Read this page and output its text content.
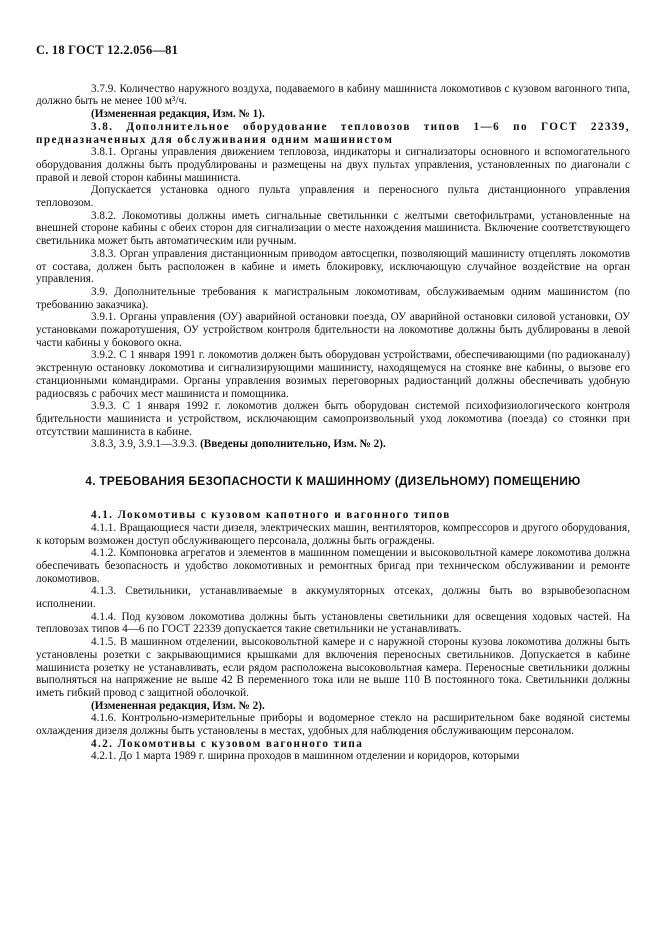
С. 18 ГОСТ 12.2.056—81

3.7.9. Количество наружного воздуха, подаваемого в кабину машиниста локомотивов с кузовом вагонного типа, должно быть не менее 100 м³/ч.

(Измененная редакция, Изм. № 1).

3.8. Дополнительное оборудование тепловозов типов 1—6 по ГОСТ 22339, предназначенных для обслуживания одним машинистом

3.8.1. Органы управления движением тепловоза, индикаторы и сигнализаторы основного и вспомогательного оборудования должны быть продублированы и размещены на двух пультах управления, установленных по диагонали с правой и левой сторон кабины машиниста.

Допускается установка одного пульта управления и переносного пульта дистанционного управления тепловозом.

3.8.2. Локомотивы должны иметь сигнальные светильники с желтыми светофильтрами, установленные на внешней стороне кабины с обеих сторон для сигнализации о месте нахождения машиниста. Включение соответствующего светильника может быть автоматическим или ручным.

3.8.3. Орган управления дистанционным приводом автосцепки, позволяющий машинисту отцеплять локомотив от состава, должен быть расположен в кабине и иметь блокировку, исключающую случайное воздействие на орган управления.

3.9. Дополнительные требования к магистральным локомотивам, обслуживаемым одним машинистом (по требованию заказчика).

3.9.1. Органы управления (ОУ) аварийной остановки поезда, ОУ аварийной остановки силовой установки, ОУ установками пожаротушения, ОУ устройством контроля бдительности на локомотиве должны быть дублированы в левой части кабины у бокового окна.

3.9.2. С 1 января 1991 г. локомотив должен быть оборудован устройствами, обеспечивающими (по радиоканалу) экстренную остановку локомотива и сигнализирующими машинисту, находящемуся на стоянке вне кабины, о вызове его станционными командирами. Органы управления возимых переговорных радиостанций должны обеспечивать удобную радиосвязь с рабочих мест машиниста и помощника.

3.9.3. С 1 января 1992 г. локомотив должен быть оборудован системой психофизиологического контроля бдительности машиниста и устройством, исключающим самопроизвольный уход локомотива (поезда) со стоянки при отсутствии машиниста в кабине.

3.8.3, 3.9, 3.9.1—3.9.3. (Введены дополнительно, Изм. № 2).

4. ТРЕБОВАНИЯ БЕЗОПАСНОСТИ К МАШИННОМУ (ДИЗЕЛЬНОМУ) ПОМЕЩЕНИЮ

4.1. Локомотивы с кузовом капотного и вагонного типов

4.1.1. Вращающиеся части дизеля, электрических машин, вентиляторов, компрессоров и другого оборудования, к которым возможен доступ обслуживающего персонала, должны быть ограждены.

4.1.2. Компоновка агрегатов и элементов в машинном помещении и высоковольтной камере локомотива должна обеспечивать безопасность и удобство локомотивных и ремонтных бригад при техническом обслуживании и ремонте локомотивов.

4.1.3. Светильники, устанавливаемые в аккумуляторных отсеках, должны быть во взрывобезопасном исполнении.

4.1.4. Под кузовом локомотива должны быть установлены светильники для освещения ходовых частей. На тепловозах типов 4—6 по ГОСТ 22339 допускается такие светильники не устанавливать.

4.1.5. В машинном отделении, высоковольтной камере и с наружной стороны кузова локомотива должны быть установлены розетки с закрывающимися крышками для включения переносных светильников. Допускается в кабине машиниста розетку не устанавливать, если рядом расположена высоковольтная камера. Переносные светильники должны выполняться на напряжение не выше 42 В переменного тока или не выше 110 В постоянного тока. Светильники должны иметь гибкий провод с защитной оболочкой.

(Измененная редакция, Изм. № 2).

4.1.6. Контрольно-измерительные приборы и водомерное стекло на расширительном баке водяной системы охлаждения дизеля должны быть установлены в местах, удобных для наблюдения обслуживающим персоналом.

4.2. Локомотивы с кузовом вагонного типа

4.2.1. До 1 марта 1989 г. ширина проходов в машинном отделении и коридоров, которыми
